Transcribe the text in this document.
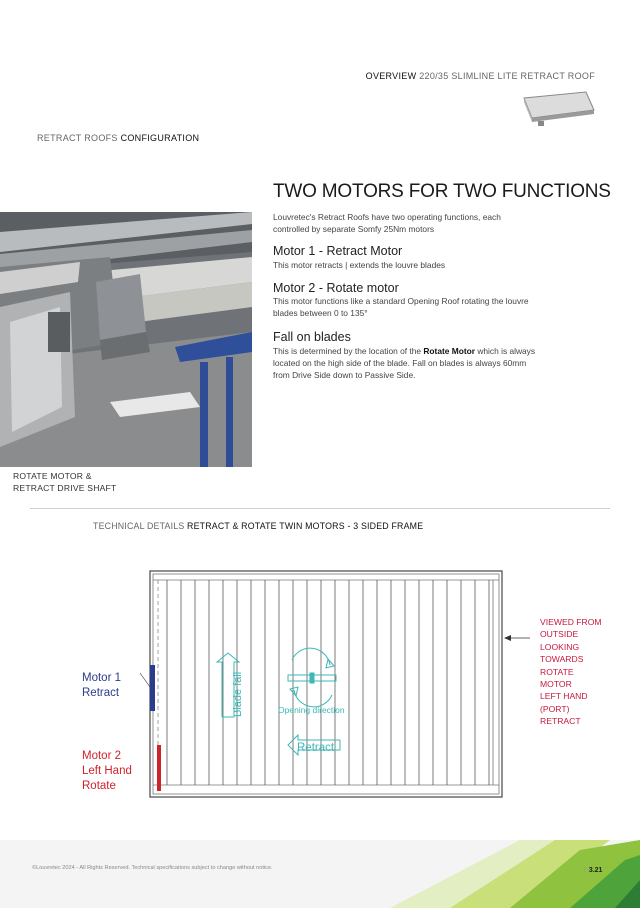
OVERVIEW 220/35 SLIMLINE LITE RETRACT ROOF
RETRACT ROOFS CONFIGURATION
TWO MOTORS FOR TWO FUNCTIONS
Louvretec's Retract Roofs have two operating functions, each
controlled by separate Somfy 25Nm motors
Motor 1 - Retract Motor
This motor retracts | extends the louvre blades
Motor 2 - Rotate motor
This motor functions like a standard Opening Roof rotating the louvre
blades between 0 to 135°
Fall on blades
This is determined by the location of the Rotate Motor which is always
located on the high side of the blade. Fall on blades is always 60mm
from Drive Side down to Passive Side.
ROTATE MOTOR &
RETRACT DRIVE SHAFT
TECHNICAL DETAILS RETRACT & ROTATE TWIN MOTORS - 3 SIDED FRAME
Blade fall	Opening direction
Retract
Motor 1
Retract
Motor 2
Left Hand
Rotate
VIEWED FROM
OUTSIDE
LOOKING
TOWARDS
ROTATE
MOTOR
LEFT HAND
(PORT)
RETRACT
©Louvretec 2024 - All Rights Reserved. Technical specifications subject to change without notice.	| 3.21
